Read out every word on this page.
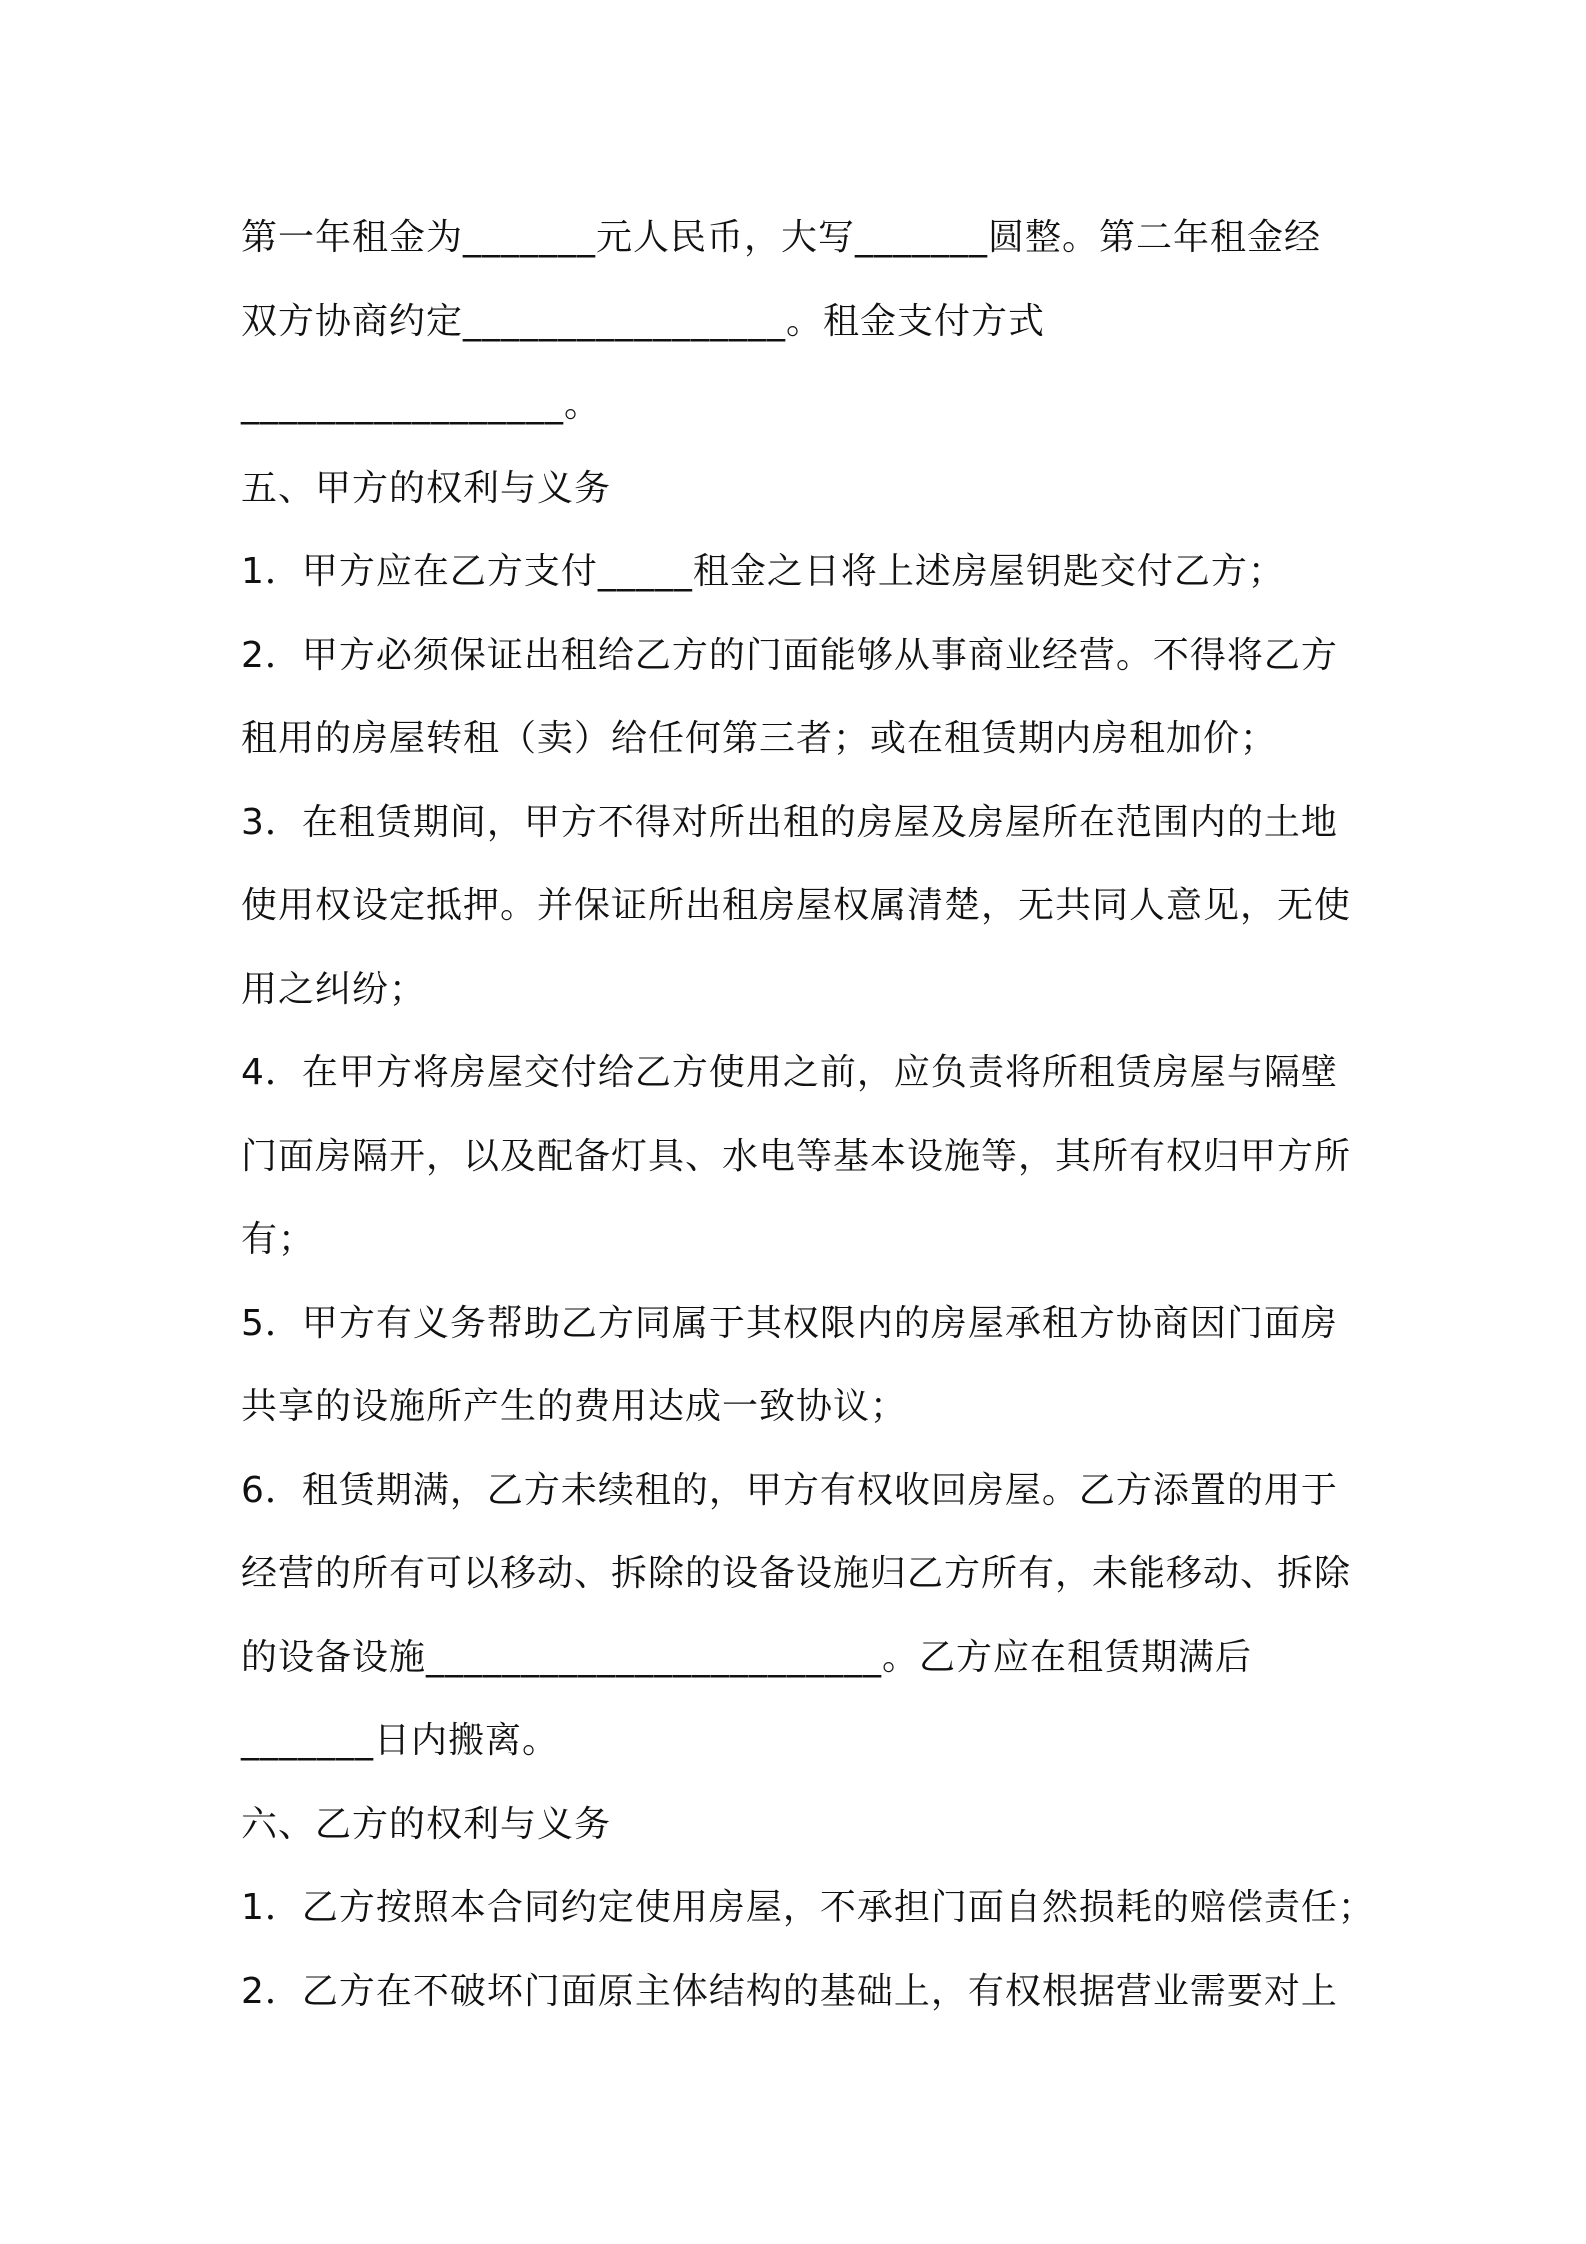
第一年租金为_______元人民币，大写_______圆整。第二年租金经
双方协商约定_________________。租金支付方式
_________________。
五、甲方的权利与义务
1．甲方应在乙方支付_____租金之日将上述房屋钥匙交付乙方；
2．甲方必须保证出租给乙方的门面能够从事商业经营。不得将乙方
租用的房屋转租（卖）给任何第三者；或在租赁期内房租加价；
3．在租赁期间，甲方不得对所出租的房屋及房屋所在范围内的土地
使用权设定抵押。并保证所出租房屋权属清楚，无共同人意见，无使
用之纠纷；
4．在甲方将房屋交付给乙方使用之前，应负责将所租赁房屋与隔壁
门面房隔开，以及配备灯具、水电等基本设施等，其所有权归甲方所
有；
5．甲方有义务帮助乙方同属于其权限内的房屋承租方协商因门面房
共享的设施所产生的费用达成一致协议；
6．租赁期满，乙方未续租的，甲方有权收回房屋。乙方添置的用于
经营的所有可以移动、拆除的设备设施归乙方所有，未能移动、拆除
的设备设施________________________。乙方应在租赁期满后
_______日内搬离。
六、乙方的权利与义务
1．乙方按照本合同约定使用房屋，不承担门面自然损耗的赔偿责任；
2．乙方在不破坏门面原主体结构的基础上，有权根据营业需要对上
